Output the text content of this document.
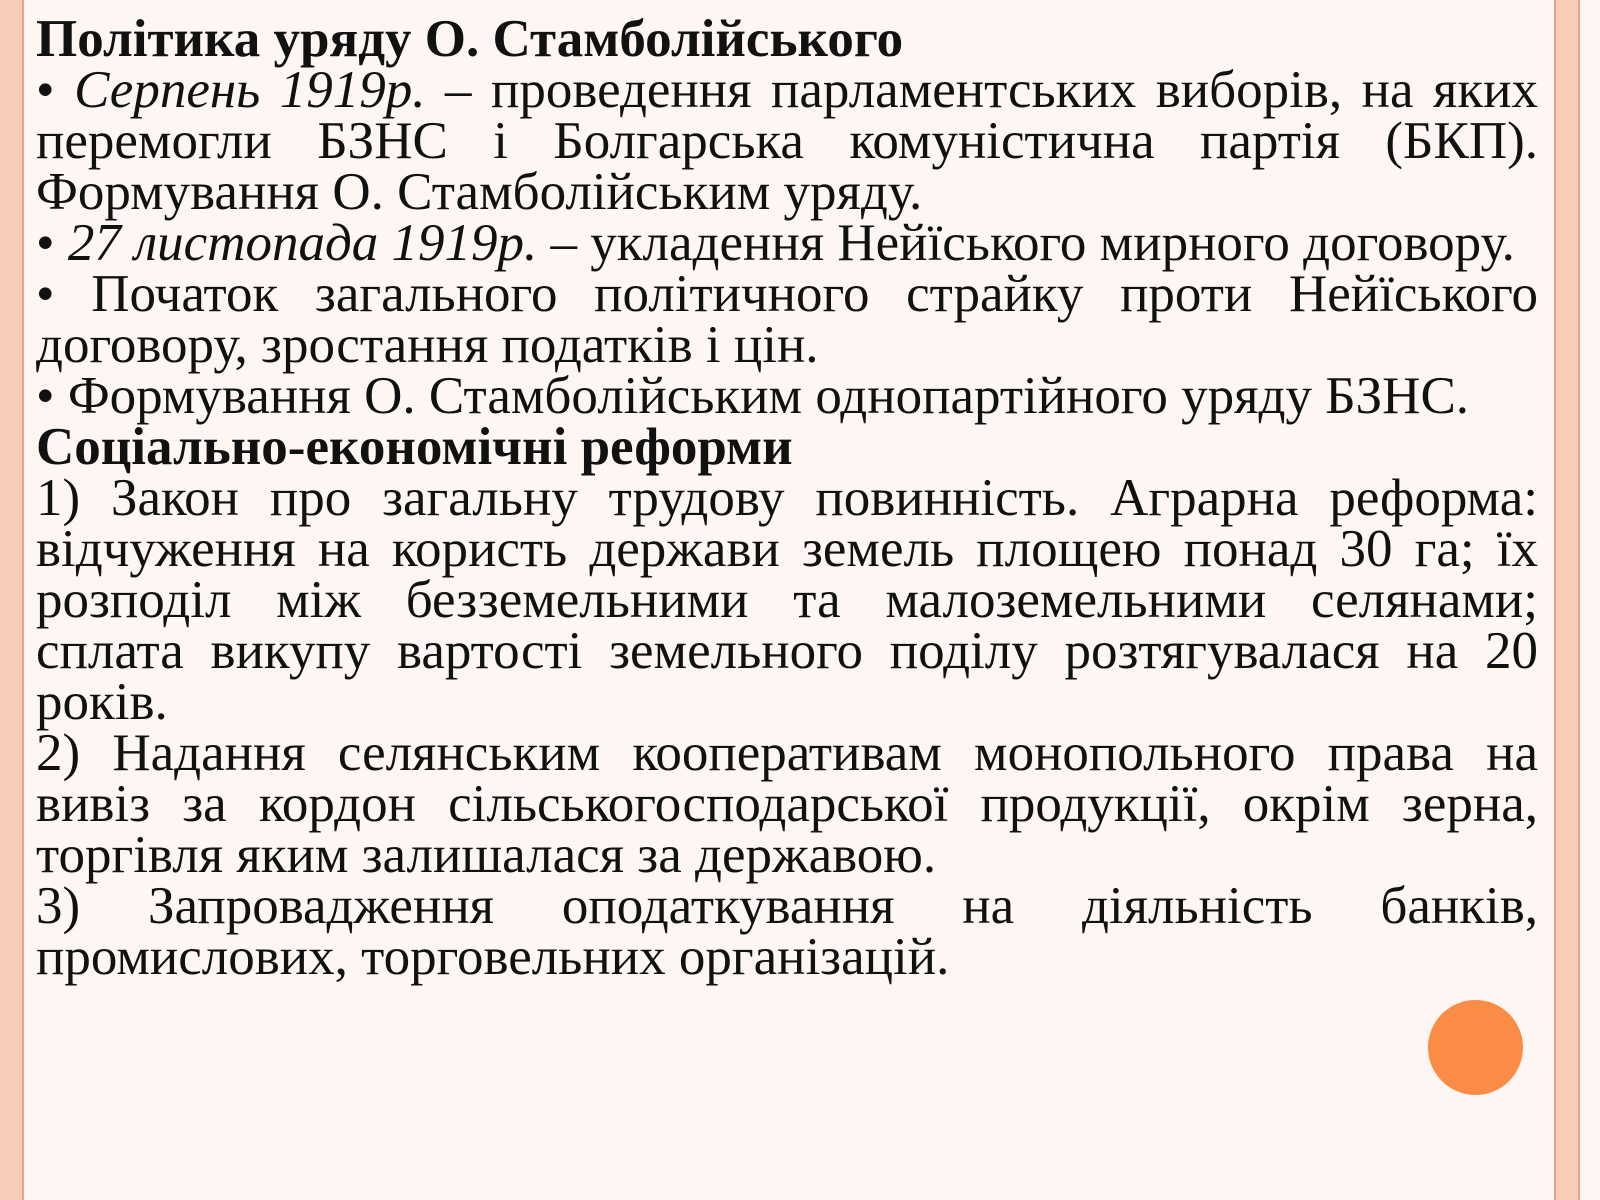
Політика уряду О. Стамболійського

• Серпень 1919р. – проведення парламентських виборів, на яких перемогли БЗНС і Болгарська комуністична партія (БКП). Формування О. Стамболійським уряду.

• 27 листопада 1919р. – укладення Нейїського мирного договору.

• Початок загального політичного страйку проти Нейїського договору, зростання податків і цін.

• Формування О. Стамболійським однопартійного уряду БЗНС.

Соціально-економічні реформи

1) Закон про загальну трудову повинність. Аграрна реформа: відчуження на користь держави земель площею понад 30 га; їх розподіл між безземельними та малоземельними селянами; сплата викупу вартості земельного поділу розтягувалася на 20 років.

2) Надання селянським кооперативам монопольного права на вивіз за кордон сільськогосподарської продукції, окрім зерна, торгівля яким залишалася за державою.

3) Запровадження оподаткування на діяльність банків, промислових, торговельних організацій.
